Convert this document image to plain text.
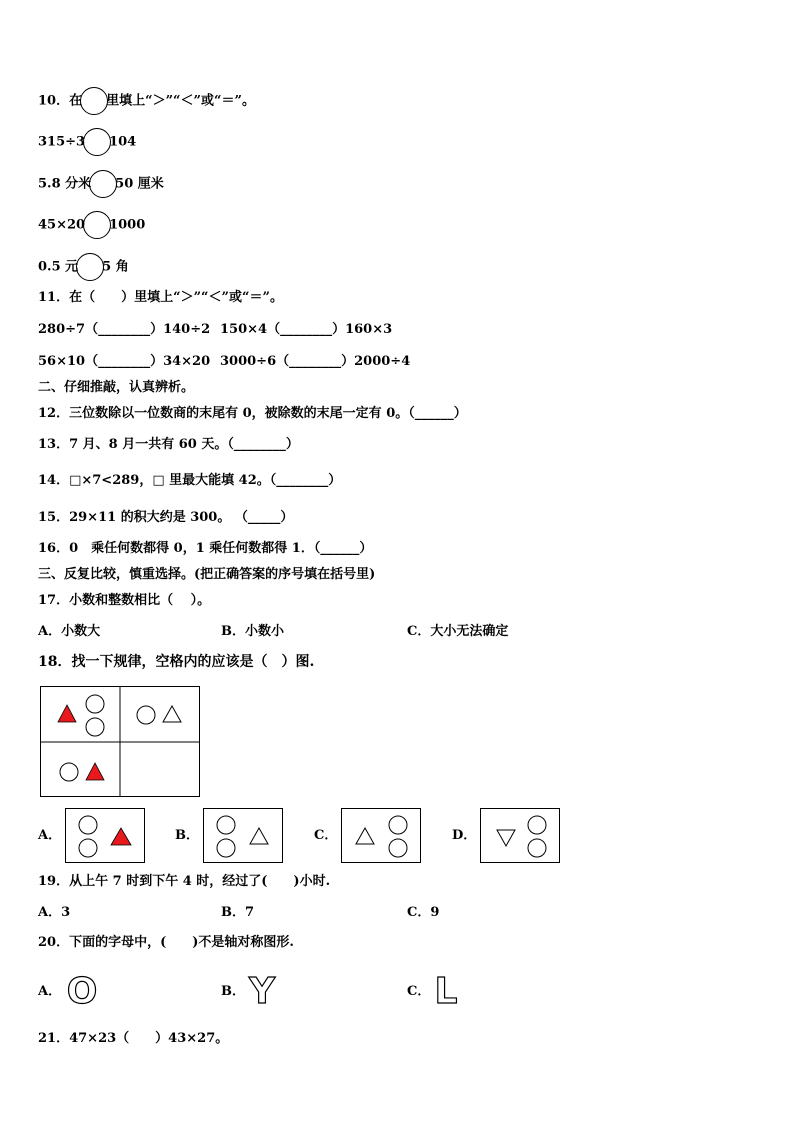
10．在 里填上“＞”“＜”或“＝”。
315÷3 104
5.8 分米 50 厘米
45×20 1000
0.5 元 5 角
11．在（　　）里填上“＞”“＜”或“＝”。
280÷7（________）140÷2 150×4（________）160×3
56×10（________）34×20 3000÷6（________）2000÷4
二、仔细推敲，认真辨析。
12．三位数除以一位数商的末尾有 0，被除数的末尾一定有 0。（______）
13．7 月、8 月一共有 60 天。（________）
14．□×7<289，□ 里最大能填 42。（________）
15．29×11 的积大约是 300。 （_____）
16．0　乘任何数都得 0，1 乘任何数都得 1．（______）
三、反复比较，慎重选择。(把正确答案的序号填在括号里)
17．小数和整数相比（　 ）。
A．小数大	B．小数小	C．大小无法确定
18．找一下规律，空格内的应该是（　）图.
A．	B．	C．	D．
19．从上午 7 时到下午 4 时，经过了(　　)小时.
A．3	B．7	C．9
20．下面的字母中，(　　)不是轴对称图形.
A． O	B． Y	C． L
21．47×23（　　）43×27。
